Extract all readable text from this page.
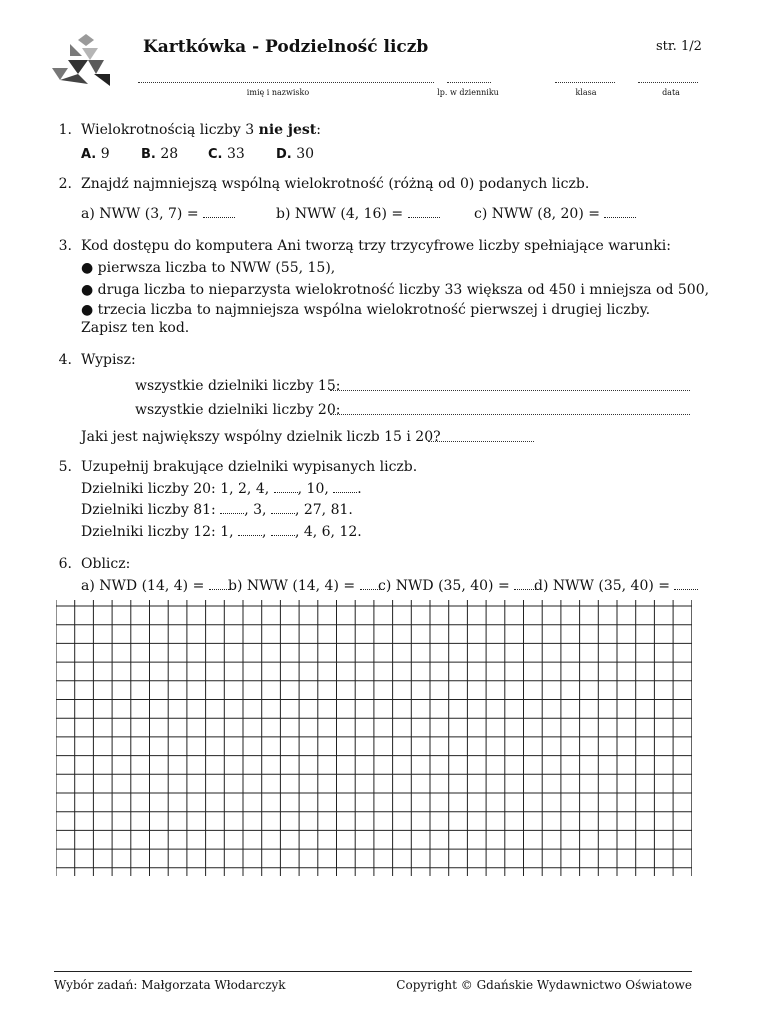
Kartkówka - Podzielność liczb	str. 1/2
imię i nazwisko	lp. w dzienniku	klasa	data
1. Wielokrotnością liczby 3 nie jest:
A. 9 B. 28 C. 33 D. 30
2. Znajdź najmniejszą wspólną wielokrotność (różną od 0) podanych liczb.
a) NWW (3, 7) =	b) NWW (4, 16) =	c) NWW (8, 20) =
3. Kod dostępu do komputera Ani tworzą trzy trzycyfrowe liczby spełniające warunki:
● pierwsza liczba to NWW (55, 15),
● druga liczba to nieparzysta wielokrotność liczby 33 większa od 450 i mniejsza od 500,
● trzecia liczba to najmniejsza wspólna wielokrotność pierwszej i drugiej liczby.
Zapisz ten kod.
4. Wypisz:
wszystkie dzielniki liczby 15:
wszystkie dzielniki liczby 20:
Jaki jest największy wspólny dzielnik liczb 15 i 20?
5. Uzupełnij brakujące dzielniki wypisanych liczb.
Dzielniki liczby 20: 1, 2, 4, , 10, .
Dzielniki liczby 81: , 3, , 27, 81.
Dzielniki liczby 12: 1, , , 4, 6, 12.
6. Oblicz:
a) NWD (14, 4) =	b) NWW (14, 4) =	c) NWD (35, 40) =	d) NWW (35, 40) =
Wybór zadań: Małgorzata Włodarczyk	Copyright © Gdańskie Wydawnictwo Oświatowe
